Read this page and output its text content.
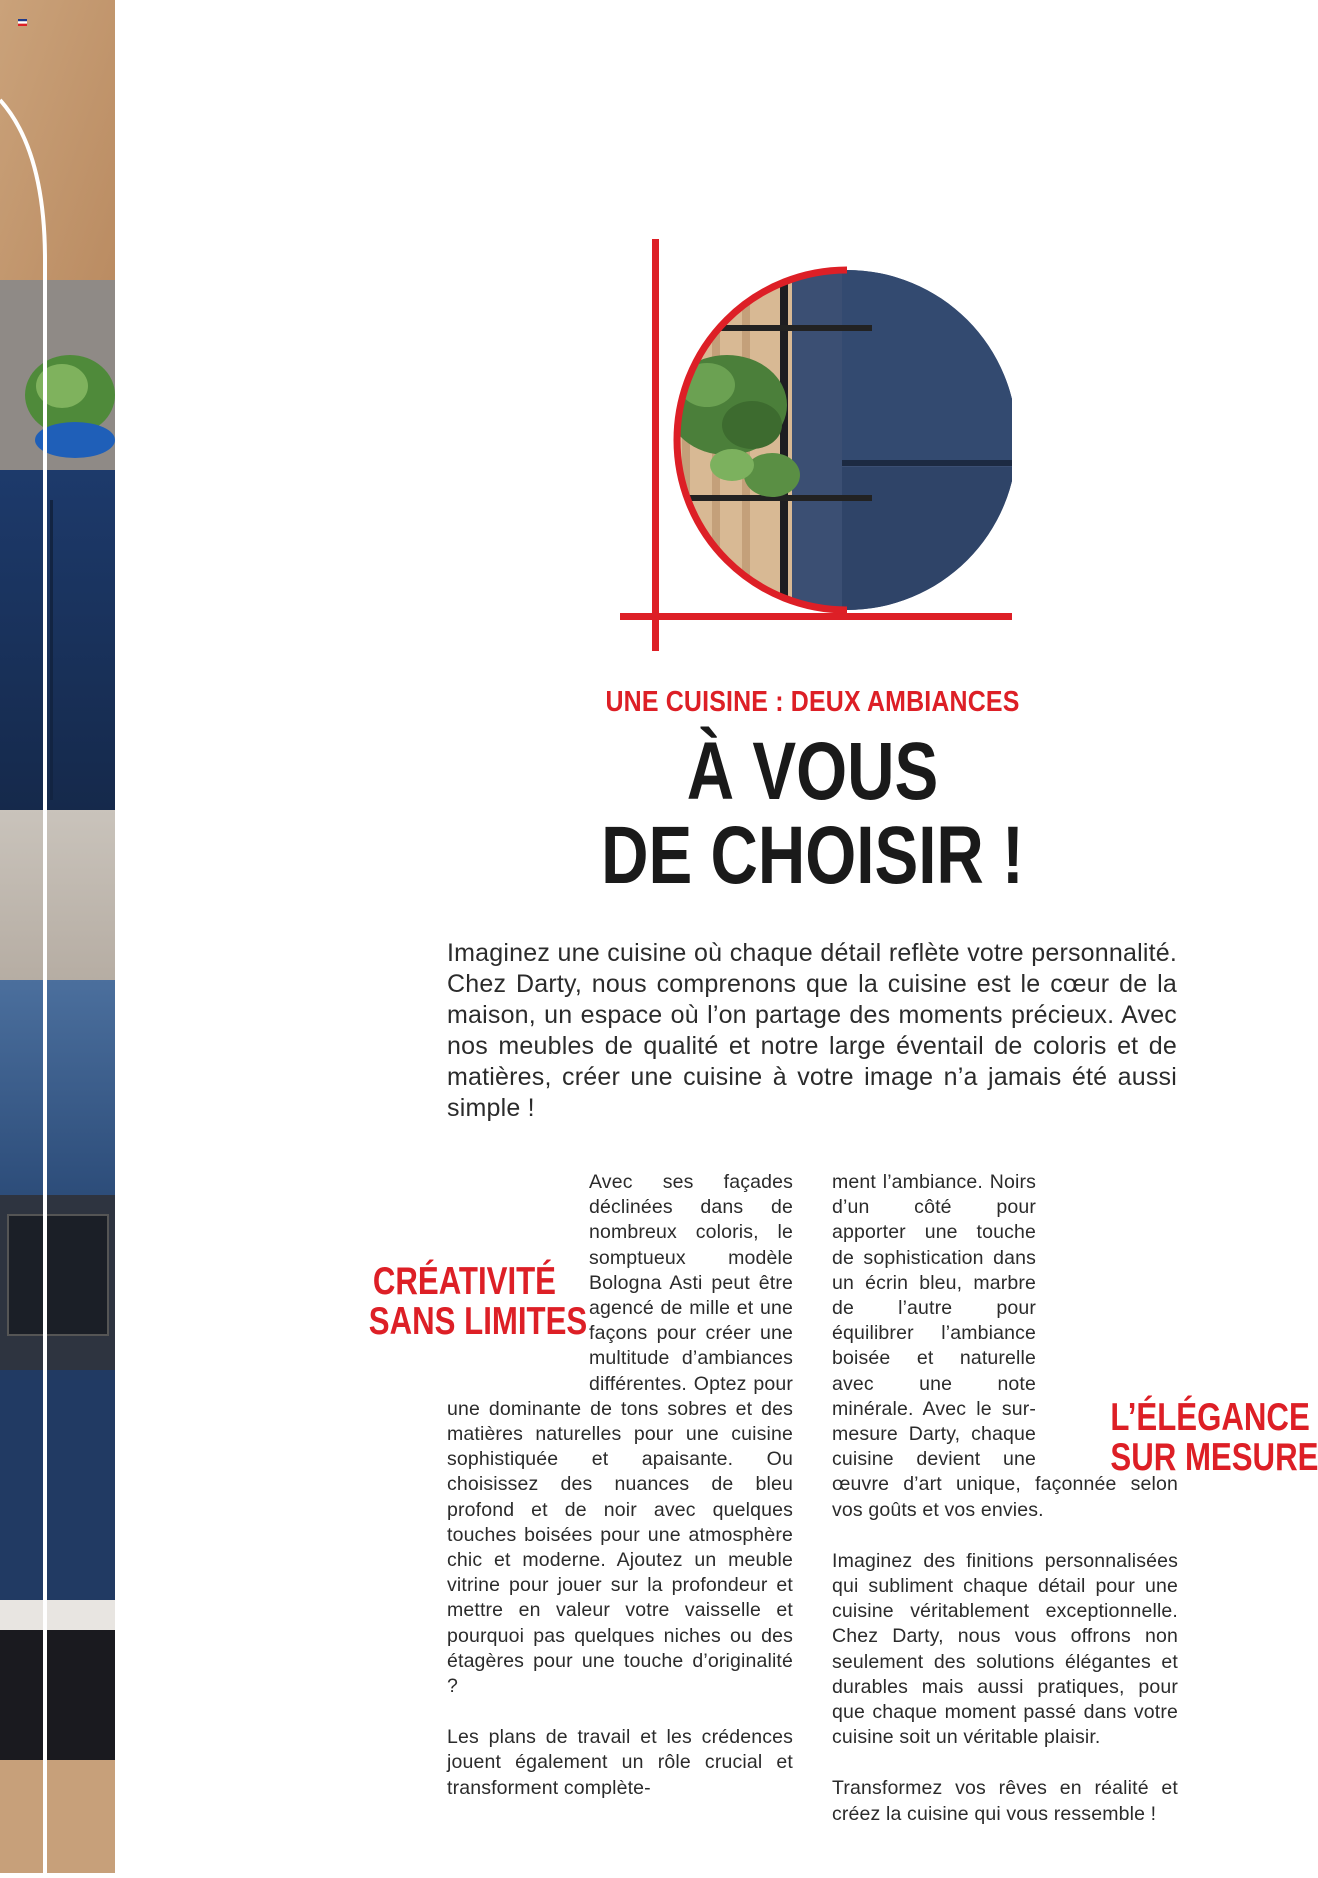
UNE CUISINE : DEUX AMBIANCES
À VOUS
DE CHOISIR !

Imaginez une cuisine où chaque détail reflète votre personnalité. Chez Darty, nous comprenons que la cuisine est le cœur de la maison, un espace où l’on partage des moments précieux. Avec nos meubles de qualité et notre large éventail de coloris et de matières, créer une cuisine à votre image n’a jamais été aussi simple !

CRÉATIVITÉ
SANS LIMITES
L’ÉLÉGANCE
SUR MESURE

Avec ses façades déclinées dans de nombreux coloris, le somptueux modèle Bologna Asti peut être agencé de mille et une façons pour créer une multitude d’ambiances différentes. Optez pour une dominante de tons sobres et des matières naturelles pour une cuisine sophistiquée et apaisante. Ou choisissez des nuances de bleu profond et de noir avec quelques touches boisées pour une atmosphère chic et moderne. Ajoutez un meuble vitrine pour jouer sur la profondeur et mettre en valeur votre vaisselle et pourquoi pas quelques niches ou des étagères pour une touche d’originalité ?

Les plans de travail et les crédences jouent également un rôle crucial et transforment complète-

ment l’ambiance. Noirs d’un côté pour apporter une touche de sophistication dans un écrin bleu, marbre de l’autre pour équilibrer l’ambiance boisée et naturelle avec une note minérale. Avec le sur-mesure Darty, chaque cuisine devient une œuvre d’art unique, façonnée selon vos goûts et vos envies.

Imaginez des finitions personnalisées qui subliment chaque détail pour une cuisine véritablement exceptionnelle. Chez Darty, nous vous offrons non seulement des solutions élégantes et durables mais aussi pratiques, pour que chaque moment passé dans votre cuisine soit un véritable plaisir.

Transformez vos rêves en réalité et créez la cuisine qui vous ressemble !
